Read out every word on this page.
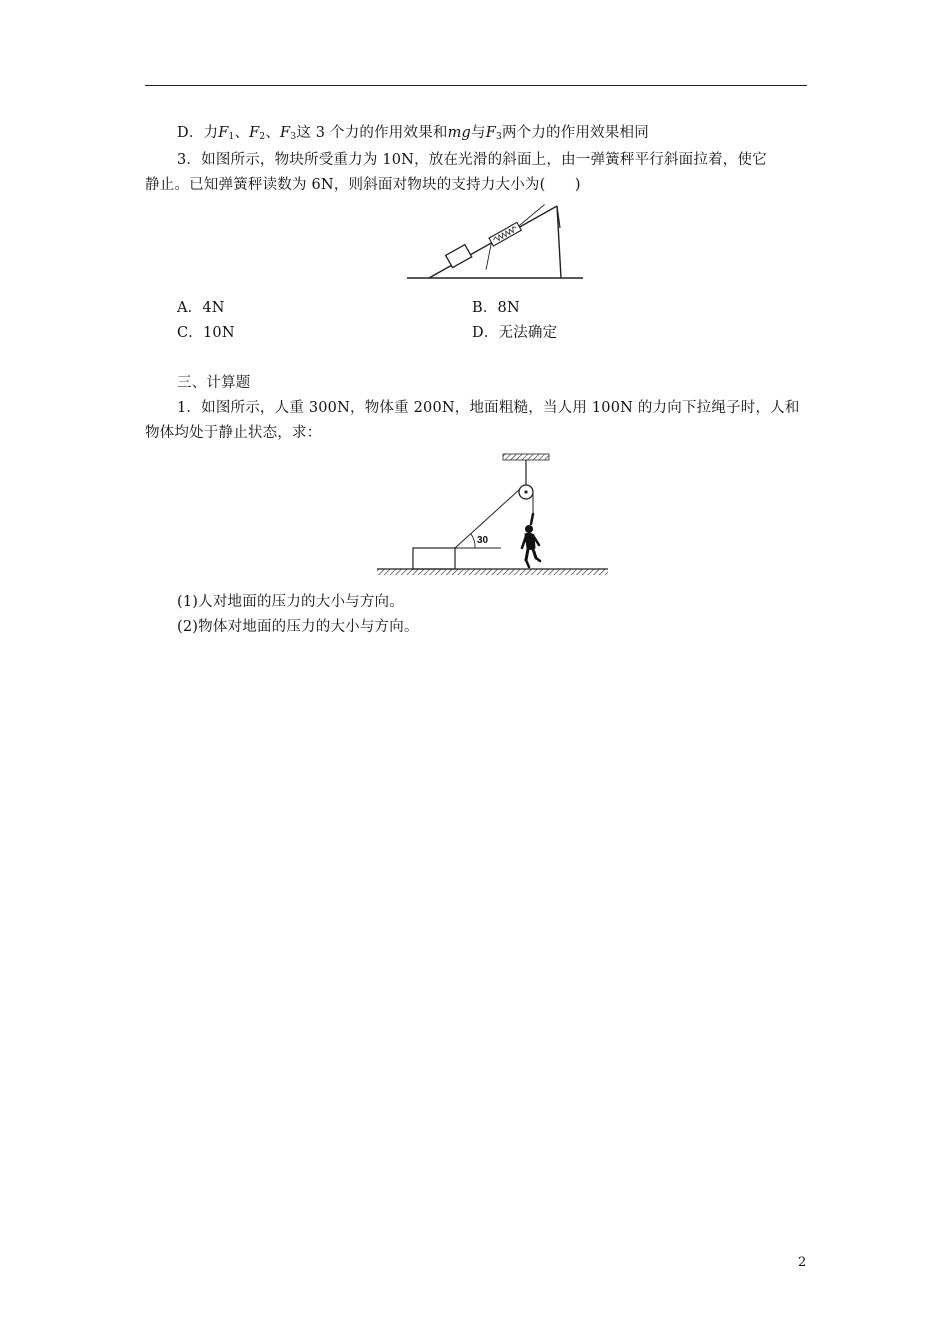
D．力$F_1$、$F_2$、$F_3$这 3 个力的作用效果和mg与$F_3$两个力的作用效果相同
3．如图所示，物块所受重力为 10N，放在光滑的斜面上，由一弹簧秤平行斜面拉着，使它
静止。已知弹簧秤读数为 6N，则斜面对物块的支持力大小为(　　)
A．4N	B．8N
C．10N	D．无法确定
三、计算题
1．如图所示，人重 300N，物体重 200N，地面粗糙，当人用 100N 的力向下拉绳子时，人和
物体均处于静止状态，求：
30
(1)人对地面的压力的大小与方向。
(2)物体对地面的压力的大小与方向。
2
